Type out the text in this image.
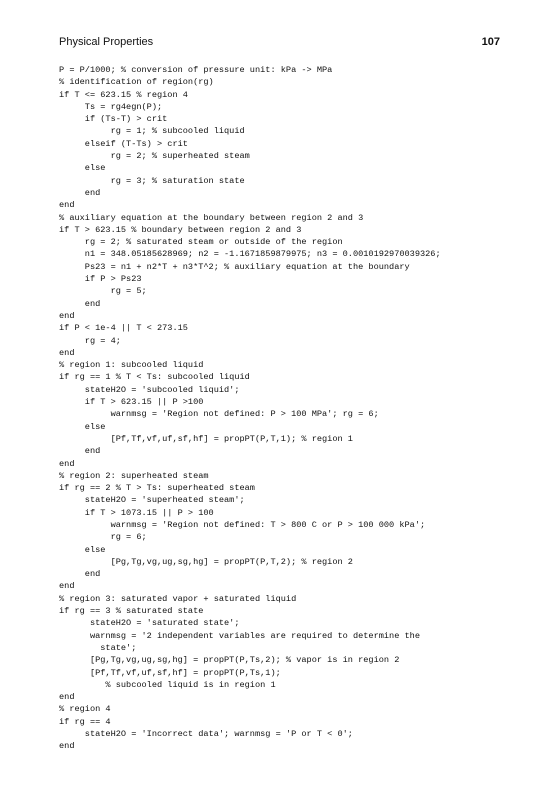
Physical Properties	107
P = P/1000; % conversion of pressure unit: kPa -> MPa
% identification of region(rg)
if T <= 623.15 % region 4
Ts = rg4egn(P);
if (Ts-T) > crit
rg = 1; % subcooled liquid
elseif (T-Ts) > crit
rg = 2; % superheated steam
else
rg = 3; % saturation state
end
end
% auxiliary equation at the boundary between region 2 and 3
if T > 623.15 % boundary between region 2 and 3
rg = 2; % saturated steam or outside of the region
n1 = 348.05185628969; n2 = -1.1671859879975; n3 = 0.0010192970039326;
Ps23 = n1 + n2*T + n3*T^2; % auxiliary equation at the boundary
if P > Ps23
rg = 5;
end
end
if P < 1e-4 || T < 273.15
rg = 4;
end
% region 1: subcooled liquid
if rg == 1 % T < Ts: subcooled liquid
stateH2O = 'subcooled liquid';
if T > 623.15 || P >100
warnmsg = 'Region not defined: P > 100 MPa'; rg = 6;
else
[Pf,Tf,vf,uf,sf,hf] = propPT(P,T,1); % region 1
end
end
% region 2: superheated steam
if rg == 2 % T > Ts: superheated steam
stateH2O = 'superheated steam';
if T > 1073.15 || P > 100
warnmsg = 'Region not defined: T > 800 C or P > 100 000 kPa';
rg = 6;
else
[Pg,Tg,vg,ug,sg,hg] = propPT(P,T,2); % region 2
end
end
% region 3: saturated vapor + saturated liquid
if rg == 3 % saturated state
stateH2O = 'saturated state';
warnmsg = '2 independent variables are required to determine the
state';
[Pg,Tg,vg,ug,sg,hg] = propPT(P,Ts,2); % vapor is in region 2
[Pf,Tf,vf,uf,sf,hf] = propPT(P,Ts,1);
% subcooled liquid is in region 1
end
% region 4
if rg == 4
stateH2O = 'Incorrect data'; warnmsg = 'P or T < 0';
end
